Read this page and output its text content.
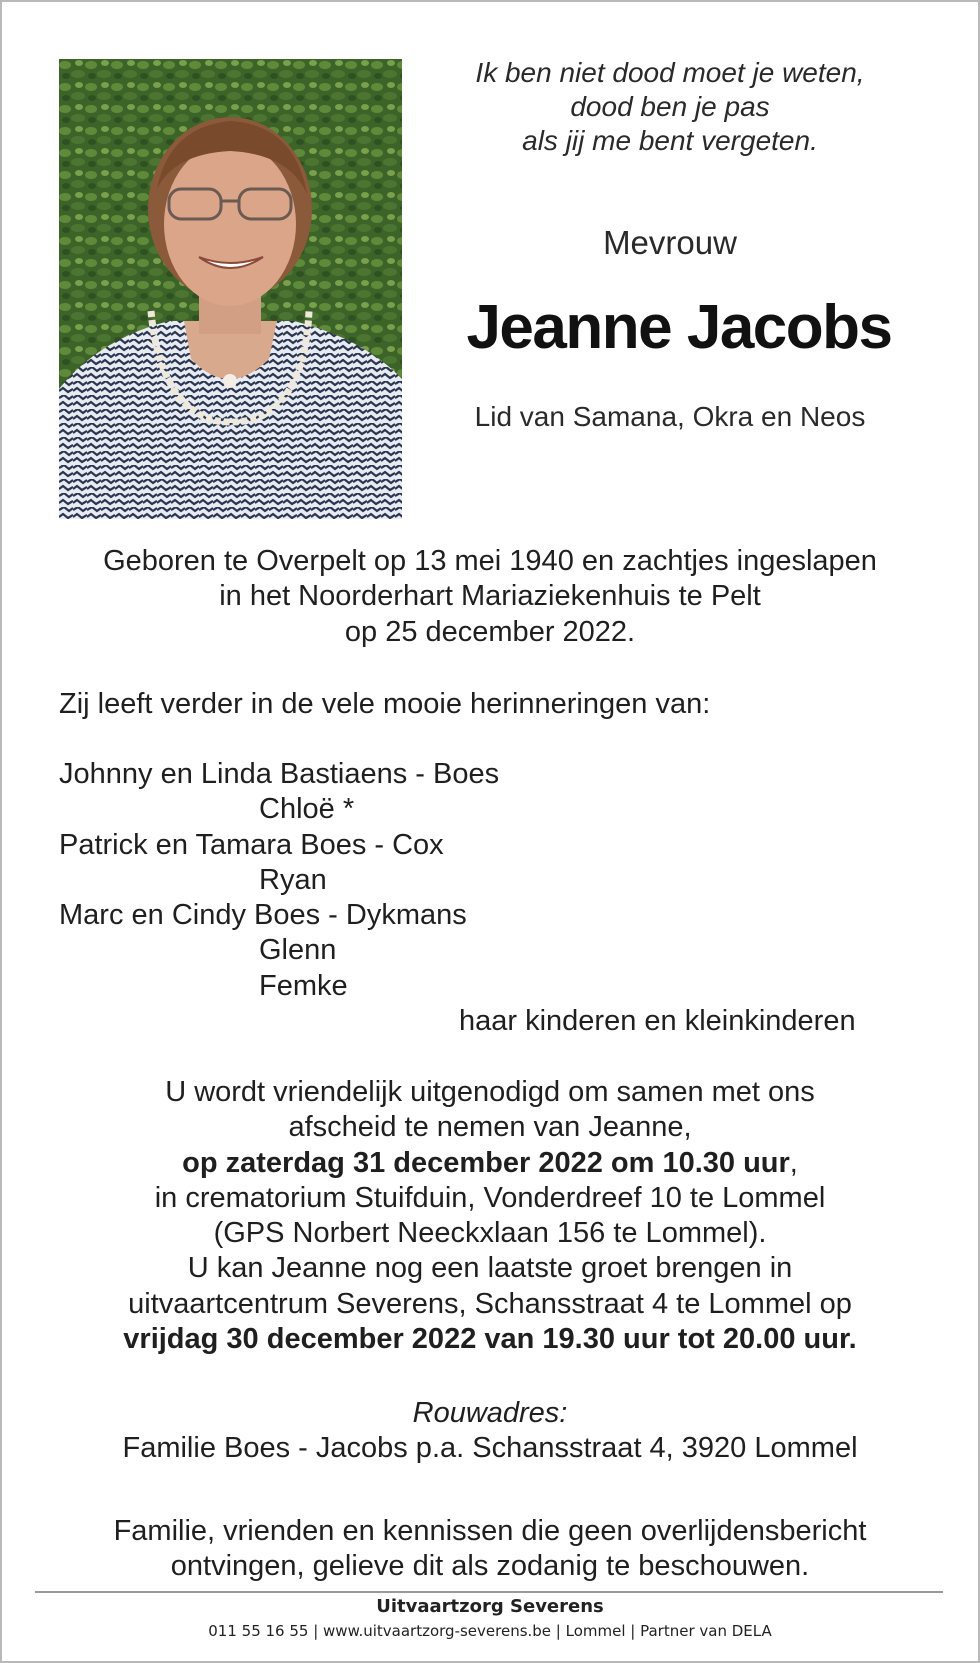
Ik ben niet dood moet je weten,
dood ben je pas
als jij me bent vergeten.
Mevrouw
Jeanne Jacobs
Lid van Samana, Okra en Neos
Geboren te Overpelt op 13 mei 1940 en zachtjes ingeslapen
in het Noorderhart Mariaziekenhuis te Pelt
op 25 december 2022.
Zij leeft verder in de vele mooie herinneringen van:
Johnny en Linda Bastiaens - Boes
Chloë *
Patrick en Tamara Boes - Cox
Ryan
Marc en Cindy Boes - Dykmans
Glenn
Femke
haar kinderen en kleinkinderen
U wordt vriendelijk uitgenodigd om samen met ons
afscheid te nemen van Jeanne,
op zaterdag 31 december 2022 om 10.30 uur,
in crematorium Stuifduin, Vonderdreef 10 te Lommel
(GPS Norbert Neeckxlaan 156 te Lommel).
U kan Jeanne nog een laatste groet brengen in
uitvaartcentrum Severens, Schansstraat 4 te Lommel op
vrijdag 30 december 2022 van 19.30 uur tot 20.00 uur.
Rouwadres:
Familie Boes - Jacobs p.a. Schansstraat 4, 3920 Lommel
Familie, vrienden en kennissen die geen overlijdensbericht
ontvingen, gelieve dit als zodanig te beschouwen.
Uitvaartzorg Severens
011 55 16 55 | www.uitvaartzorg-severens.be | Lommel | Partner van DELA
